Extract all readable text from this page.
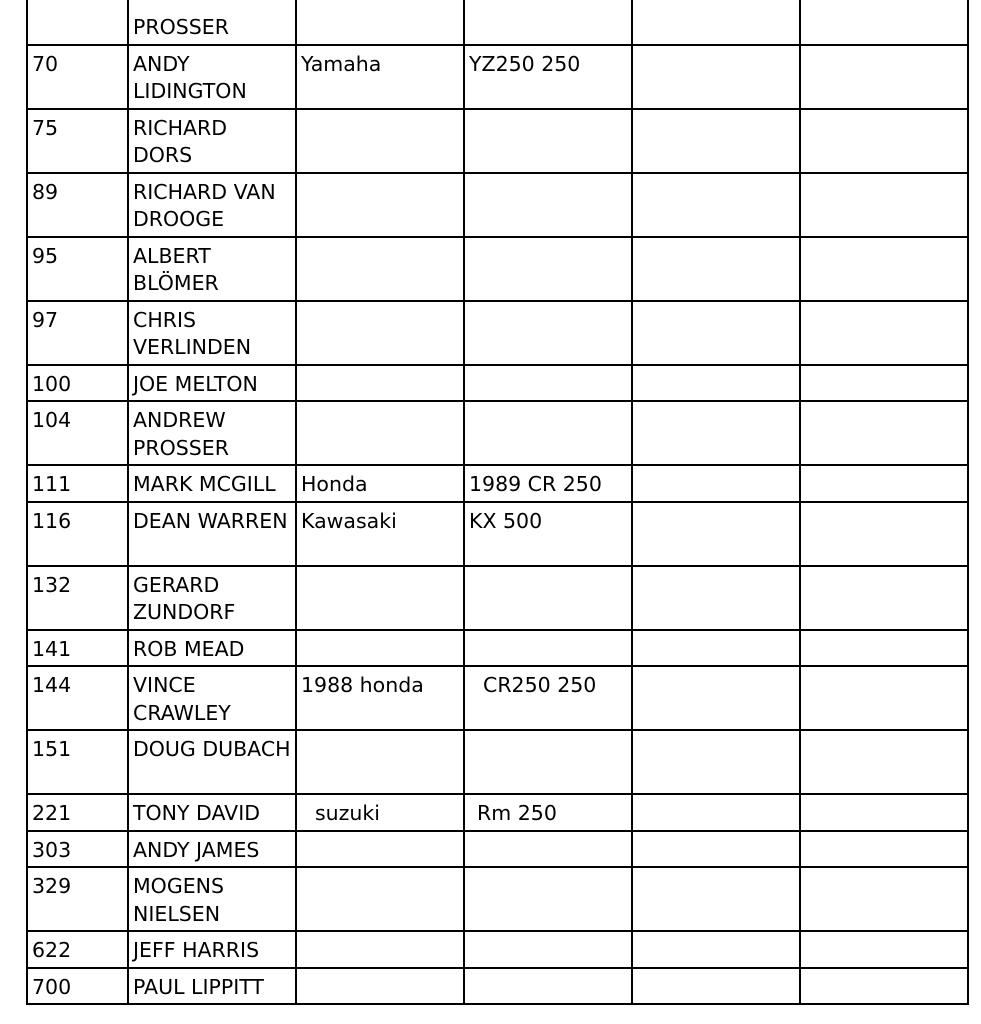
	PROSSER				
70	ANDY LIDINGTON	Yamaha	YZ250 250		
75	RICHARD DORS				
89	RICHARD VAN DROOGE				
95	ALBERT BLÖMER				
97	CHRIS VERLINDEN				
100	JOE MELTON				
104	ANDREW PROSSER				
111	MARK MCGILL	Honda	1989 CR 250		
116	DEAN WARREN	Kawasaki	KX 500		
132	GERARD ZUNDORF				
141	ROB MEAD				
144	VINCE CRAWLEY	1988 honda	CR250 250		
151	DOUG DUBACH				
221	TONY DAVID	suzuki	Rm 250		
303	ANDY JAMES				
329	MOGENS NIELSEN				
622	JEFF HARRIS				
700	PAUL LIPPITT				
